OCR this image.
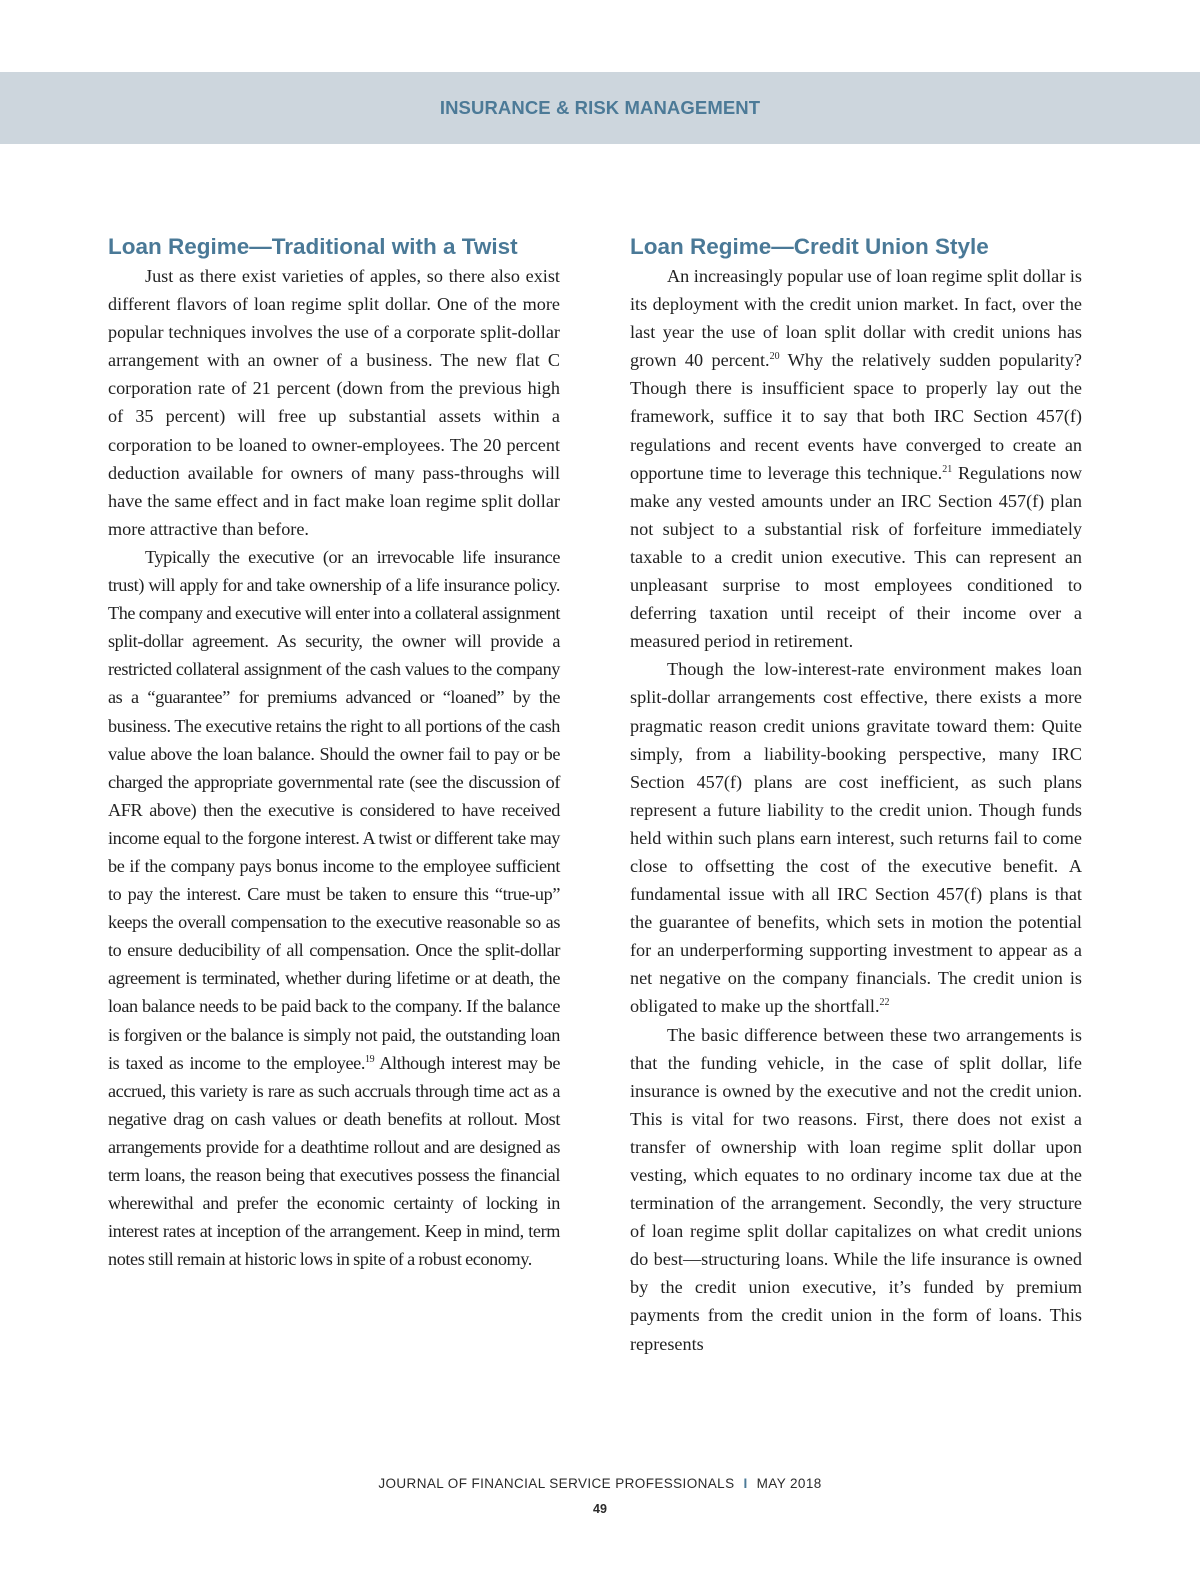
INSURANCE & RISK MANAGEMENT
Loan Regime—Traditional with a Twist

Just as there exist varieties of apples, so there also exist different flavors of loan regime split dollar. One of the more popular techniques involves the use of a corporate split-dollar arrangement with an owner of a business. The new flat C corporation rate of 21 percent (down from the previous high of 35 percent) will free up substantial assets within a corporation to be loaned to owner-employees. The 20 percent deduction available for owners of many pass-throughs will have the same effect and in fact make loan regime split dollar more attractive than before.

Typically the executive (or an irrevocable life insurance trust) will apply for and take ownership of a life insurance policy. The company and executive will enter into a collateral assignment split-dollar agreement. As security, the owner will provide a restricted collateral assignment of the cash values to the company as a “guarantee” for premiums advanced or “loaned” by the business. The executive retains the right to all portions of the cash value above the loan balance. Should the owner fail to pay or be charged the appropriate governmental rate (see the discussion of AFR above) then the executive is considered to have received income equal to the forgone interest. A twist or different take may be if the company pays bonus income to the employee sufficient to pay the interest. Care must be taken to ensure this “true-up” keeps the overall compensation to the executive reasonable so as to ensure deducibility of all compensation. Once the split-dollar agreement is terminated, whether during lifetime or at death, the loan balance needs to be paid back to the company. If the balance is forgiven or the balance is simply not paid, the outstanding loan is taxed as income to the employee.$^{19}$ Although interest may be accrued, this variety is rare as such accruals through time act as a negative drag on cash values or death benefits at rollout. Most arrangements provide for a deathtime rollout and are designed as term loans, the reason being that executives possess the financial wherewithal and prefer the economic certainty of locking in interest rates at inception of the arrangement. Keep in mind, term notes still remain at historic lows in spite of a robust economy.

Loan Regime—Credit Union Style

An increasingly popular use of loan regime split dollar is its deployment with the credit union market. In fact, over the last year the use of loan split dollar with credit unions has grown 40 percent.$^{20}$ Why the relatively sudden popularity? Though there is insufficient space to properly lay out the framework, suffice it to say that both IRC Section 457(f) regulations and recent events have converged to create an opportune time to leverage this technique.$^{21}$ Regulations now make any vested amounts under an IRC Section 457(f) plan not subject to a substantial risk of forfeiture immediately taxable to a credit union executive. This can represent an unpleasant surprise to most employees conditioned to deferring taxation until receipt of their income over a measured period in retirement.

Though the low-interest-rate environment makes loan split-dollar arrangements cost effective, there exists a more pragmatic reason credit unions gravitate toward them: Quite simply, from a liability-booking perspective, many IRC Section 457(f) plans are cost inefficient, as such plans represent a future liability to the credit union. Though funds held within such plans earn interest, such returns fail to come close to offsetting the cost of the executive benefit. A fundamental issue with all IRC Section 457(f) plans is that the guarantee of benefits, which sets in motion the potential for an underperforming supporting investment to appear as a net negative on the company financials. The credit union is obligated to make up the shortfall.$^{22}$

The basic difference between these two arrangements is that the funding vehicle, in the case of split dollar, life insurance is owned by the executive and not the credit union. This is vital for two reasons. First, there does not exist a transfer of ownership with loan regime split dollar upon vesting, which equates to no ordinary income tax due at the termination of the arrangement. Secondly, the very structure of loan regime split dollar capitalizes on what credit unions do best—structuring loans. While the life insurance is owned by the credit union executive, it’s funded by premium payments from the credit union in the form of loans. This represents

JOURNAL OF FINANCIAL SERVICE PROFESSIONALS I MAY 2018
49
